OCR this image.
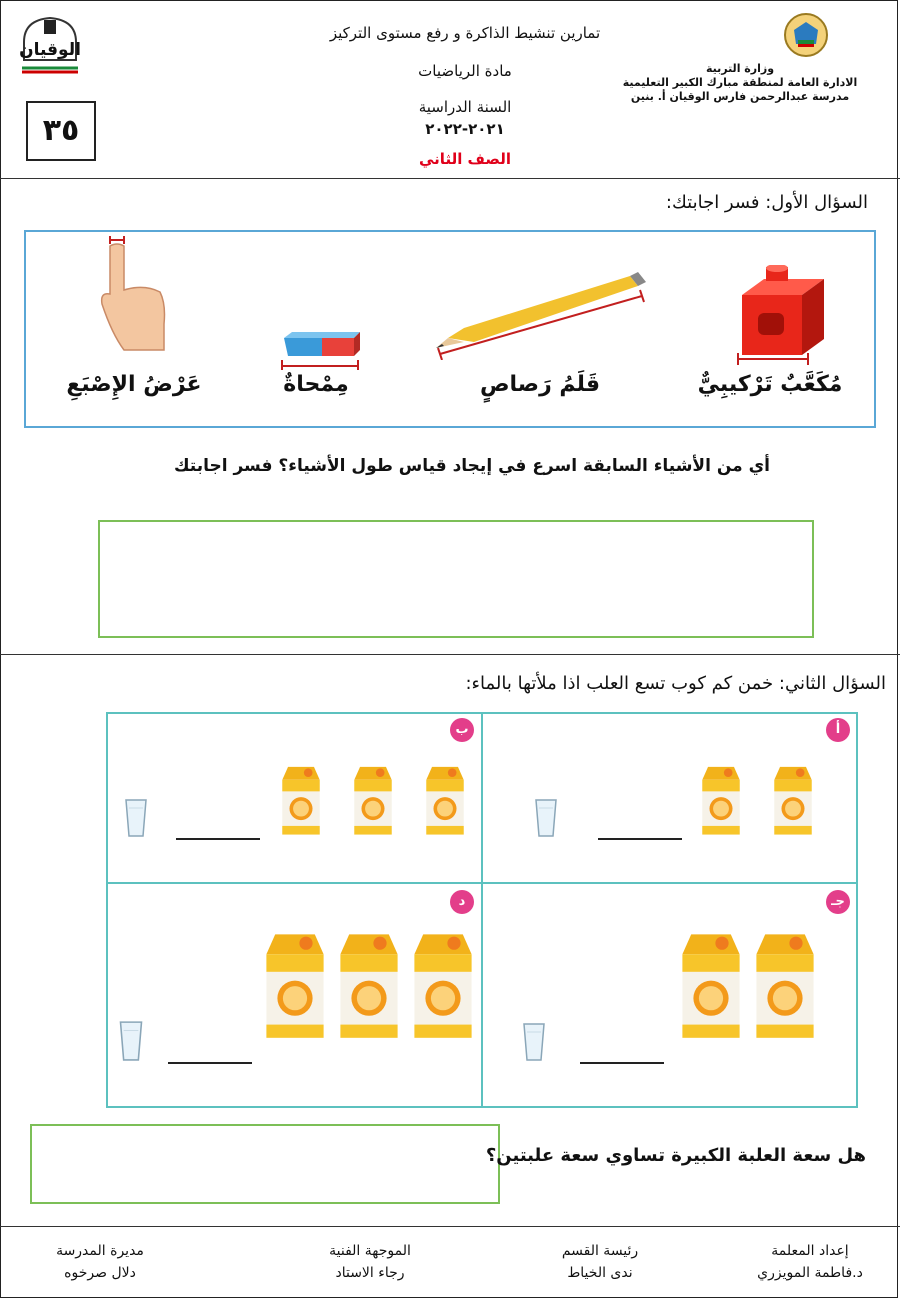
الوقيان
٣٥
تمارين تنشيط الذاكرة و رفع مستوى التركيز
مادة الرياضيات
السنة الدراسية
٢٠٢١-٢٠٢٢
الصف الثاني
وزارة التربية
الادارة العامة لمنطقة مبارك الكبير التعليمية
مدرسة عبدالرحمن فارس الوقيان أ. بنين
السؤال الأول: فسر اجابتك:
مُكَعَّبٌ تَرْكيبِيٌّ
قَلَمُ رَصاصٍ
مِمْحاةٌ
عَرْضُ الإِصْبَعِ
أي من الأشياء السابقة اسرع في إيجاد قياس طول الأشياء؟ فسر اجابتك
السؤال الثاني: خمن كم كوب تسع العلب اذا ملأتها بالماء:
أ
ب
جـ
د
هل سعة العلبة الكبيرة تساوي سعة علبتين؟
إعداد المعلمة
د.فاطمة المويزري
رئيسة القسم
ندى الخياط
الموجهة الفنية
رجاء الاستاد
مديرة المدرسة
دلال صرخوه
